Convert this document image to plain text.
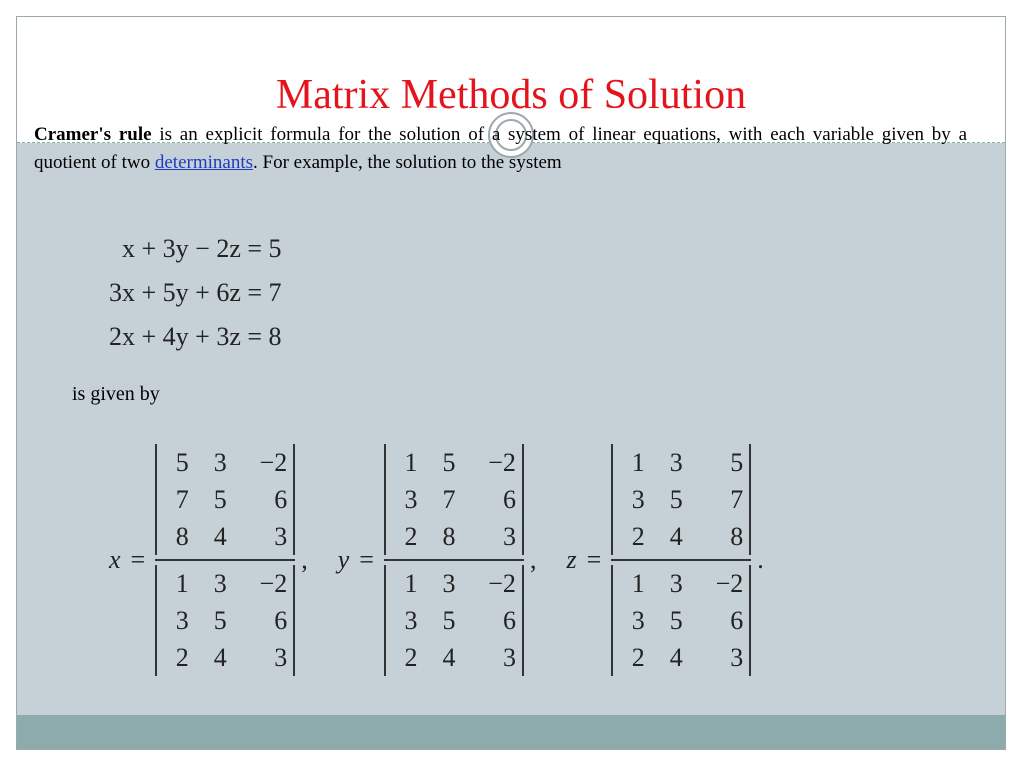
Matrix Methods of Solution
Cramer's rule is an explicit formula for the solution of a system of linear equations, with each variable given by a quotient of two determinants. For example, the solution to the system
x + 3y − 2z = 5
3x + 5y + 6z = 7
2x + 4y + 3z = 8
is given by
x = 5 3	−2
7 5	6
8 4	3
1 3	−2
3 5	6
2 4	3 , y = 1 5	−2
3 7	6
2 8	3
1 3	−2
3 5	6
2 4	3 , z = 1 3	5
3 5	7
2 4	8
1 3	−2
3 5	6
2 4	3 .
